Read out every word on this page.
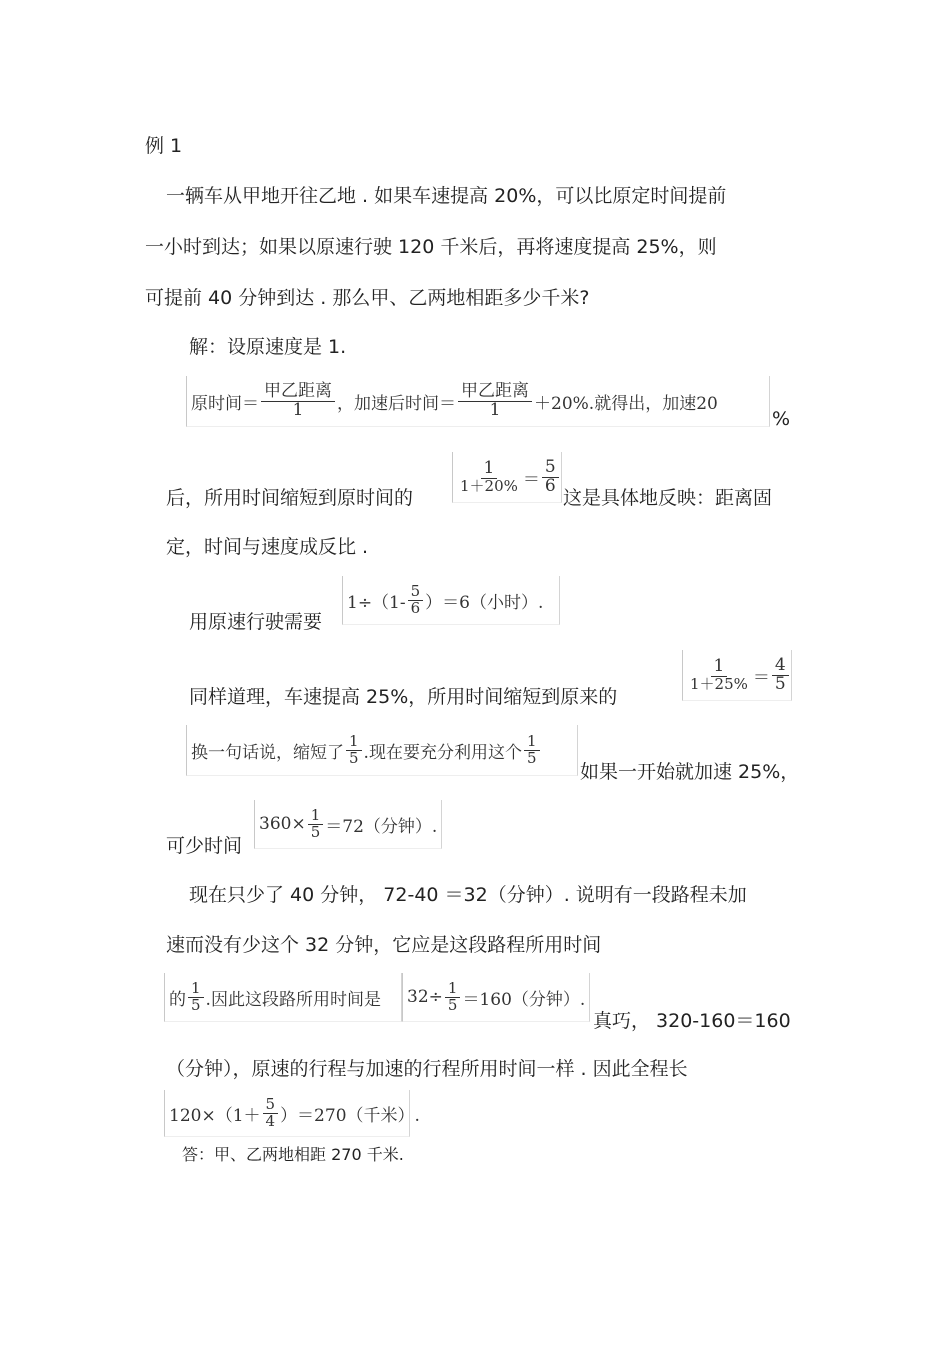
例 1
一辆车从甲地开往乙地 . 如果车速提高 20%，可以比原定时间提前
一小时到达；如果以原速行驶 120 千米后，再将速度提高 25%，则
可提前 40 分钟到达 . 那么甲、乙两地相距多少千米?
解：设原速度是 1.
原时间＝ $\frac{\text{甲乙距离}}{1}$ ，加速后时间＝ $\frac{\text{甲乙距离}}{1} +20\%$.就得出，加速20
%
后，所用时间缩短到原时间的
$\frac{1}{1+20\%} = \frac{5}{6}$
这是具体地反映：距离固
定，时间与速度成反比 .
用原速行驶需要
$1\div(1- \frac{5}{6} )=6$（小时）.
同样道理，车速提高 25%，所用时间缩短到原来的
$\frac{1}{1+25\%} = \frac{4}{5}$
换一句话说，缩短了 $\frac{1}{5}$ .现在要充分利用这个 $\frac{1}{5}$
如果一开始就加速 25%，
可少时间
$360\times \frac{1}{5} =72$（分钟）.
现在只少了 40 分钟， 72-40 ＝32（分钟）. 说明有一段路程未加
速而没有少这个 32 分钟，它应是这段路程所用时间
的 $\frac{1}{5}$ .因此这段路所用时间是 $32\div \frac{1}{5} =160$（分钟）.
真巧， 320-160＝160
（分钟），原速的行程与加速的行程所用时间一样 . 因此全程长
$120\times(1+ \frac{5}{4} )=270$（千米）.
答：甲、乙两地相距 270 千米.
